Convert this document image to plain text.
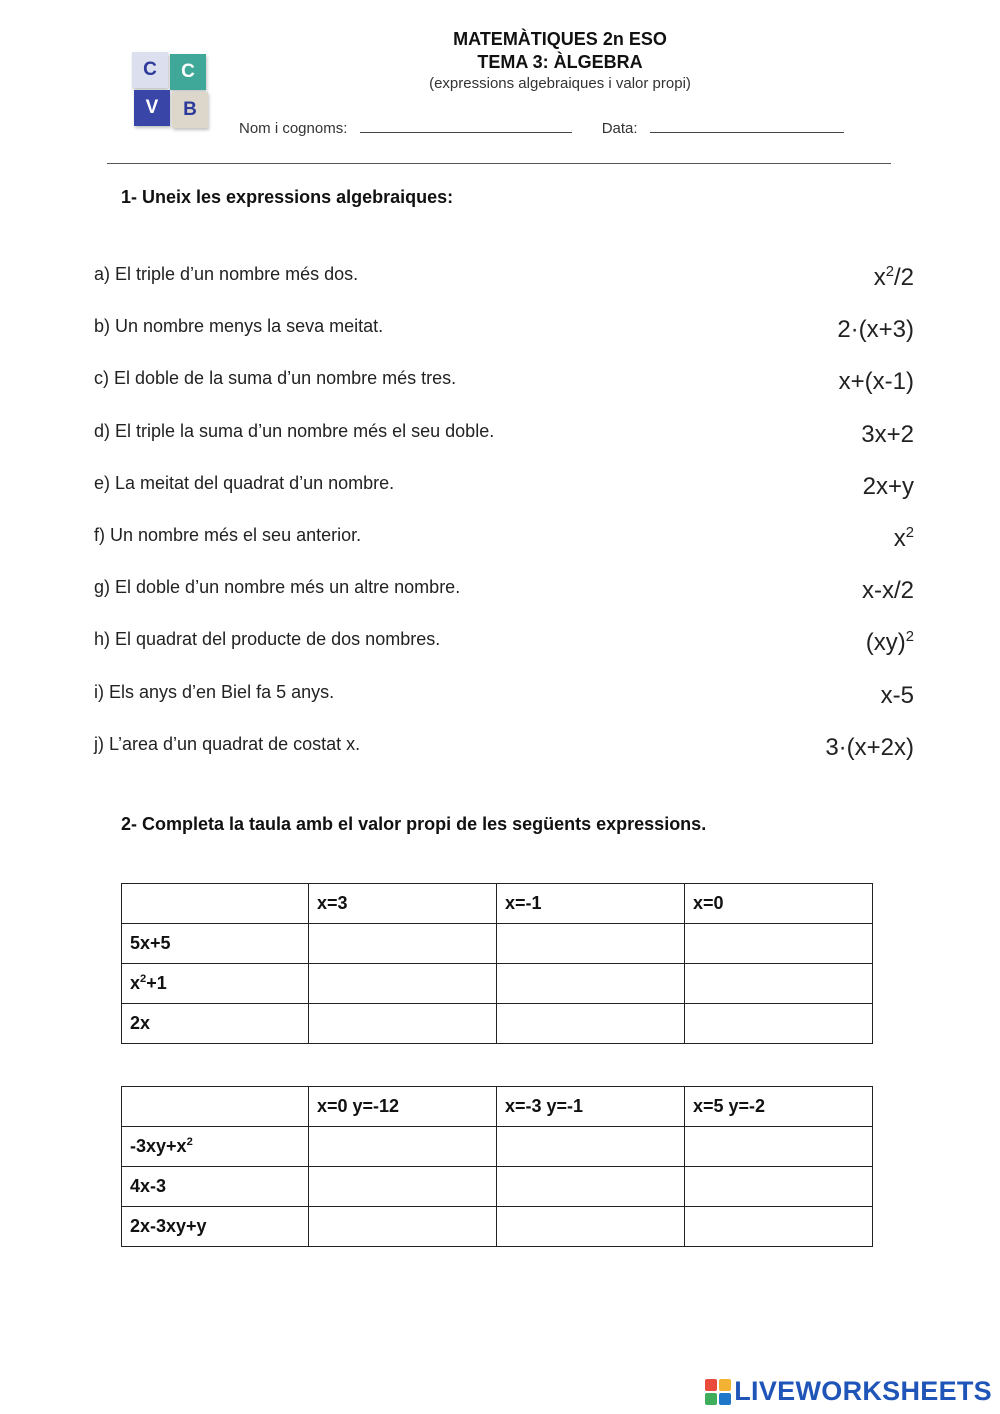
C	C
V	B
MATEMÀTIQUES 2n ESO
TEMA 3: ÀLGEBRA
(expressions algebraiques i valor propi)
Nom i cognoms:	Data:
1- Uneix les expressions algebraiques:
a) El triple d’un nombre més dos.	$x^2/2$
b) Un nombre menys la seva meitat.	2·(x+3)
c) El doble de la suma d’un nombre més tres.	x+(x-1)
d) El triple la suma d’un nombre més el seu doble.	3x+2
e) La meitat del quadrat d’un nombre.	2x+y
f) Un nombre més el seu anterior.	$x^2$
g) El doble d’un nombre més un altre nombre.	x-x/2
h) El quadrat del producte de dos nombres.	(xy)$^2$
i) Els anys d’en Biel fa 5 anys.	x-5
j) L’area d’un quadrat de costat x.	3·(x+2x)
2- Completa la taula amb el valor propi de les següents expressions.
	x=3	x=-1	x=0
5x+5			
$x^2+1$			
2x			
	x=0 y=-12	x=-3 y=-1	x=5 y=-2
$-3xy+x^2$			
4x-3			
2x-3xy+y			
LIVEWORKSHEETS
